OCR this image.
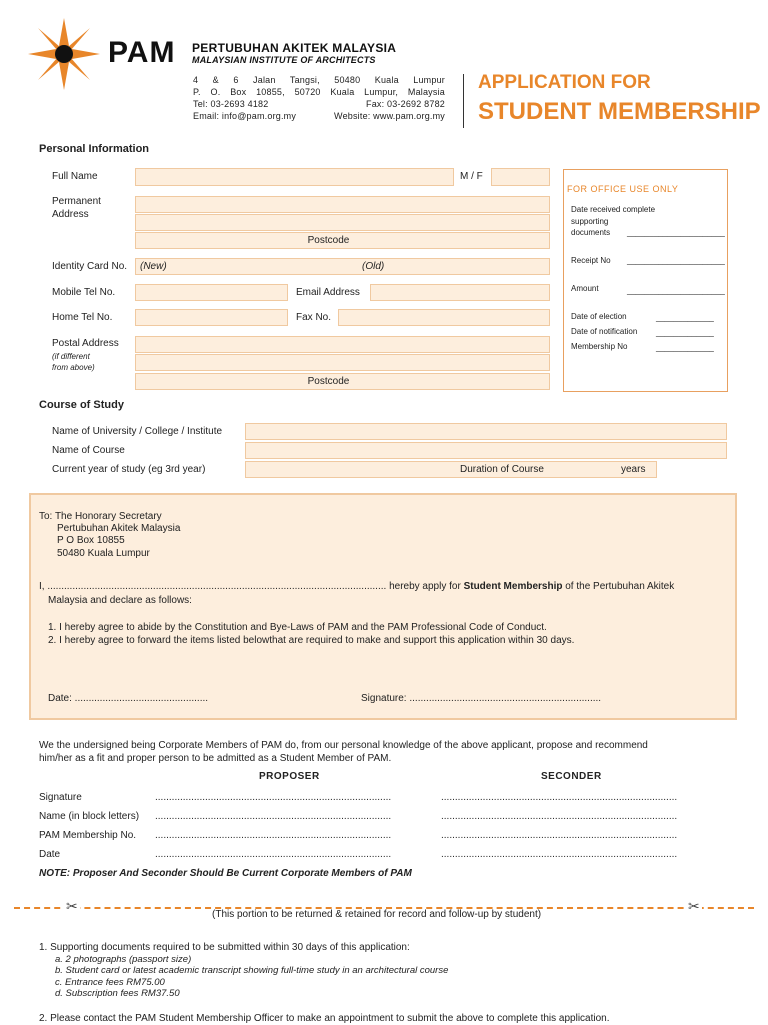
PAM PERTUBUHAN AKITEK MALAYSIA
MALAYSIAN INSTITUTE OF ARCHITECTS
4 & 6 Jalan Tangsi, 50480 Kuala Lumpur
P. O. Box 10855, 50720 Kuala Lumpur, Malaysia
Tel: 03-2693 4182	Fax: 03-2692 8782
Email: info@pam.org.my	Website: www.pam.org.my
APPLICATION FOR
STUDENT MEMBERSHIP
Personal Information
Full Name	M / F
Permanent
Address
Postcode
Identity Card No. (New)	(Old)
Mobile Tel No.	Email Address
Home Tel No.	Fax No.
Postal Address
(if different
from above)
Postcode
FOR OFFICE USE ONLY
Date received complete
supporting
documents ______________________
Receipt No ______________________
Amount	______________________
Date of election	_____________
Date of notification _____________
Membership No	_____________
Course of Study
Name of University / College / Institute
Name of Course
Current year of study (eg 3rd year)	Duration of Course	years
To: The Honorary Secretary
Pertubuhan Akitek Malaysia
P O Box 10855
50480 Kuala Lumpur
I, .......................................................................................................................... hereby apply for Student Membership of the Pertubuhan Akitek
Malaysia and declare as follows:
1. I hereby agree to abide by the Constitution and Bye-Laws of PAM and the PAM Professional Code of Conduct.
2. I hereby agree to forward the items listed belowthat are required to make and support this application within 30 days.
Date: ................................................	Signature: .....................................................................
We the undersigned being Corporate Members of PAM do, from our personal knowledge of the above applicant, propose and recommend
him/her as a fit and proper person to be admitted as a Student Member of PAM.
PROPOSER	SECONDER
Signature	.....................................................................................	.....................................................................................
Name (in block letters) .....................................................................................	.....................................................................................
PAM Membership No. .....................................................................................	.....................................................................................
Date	.....................................................................................	.....................................................................................
NOTE: Proposer And Seconder Should Be Current Corporate Members of PAM
✂	✂
(This portion to be returned & retained for record and follow-up by student)
1. Supporting documents required to be submitted within 30 days of this application:
a. 2 photographs (passport size)
b. Student card or latest academic transcript showing full-time study in an architectural course
c. Entrance fees RM75.00
d. Subscription fees RM37.50
2. Please contact the PAM Student Membership Officer to make an appointment to submit the above to complete this application.
